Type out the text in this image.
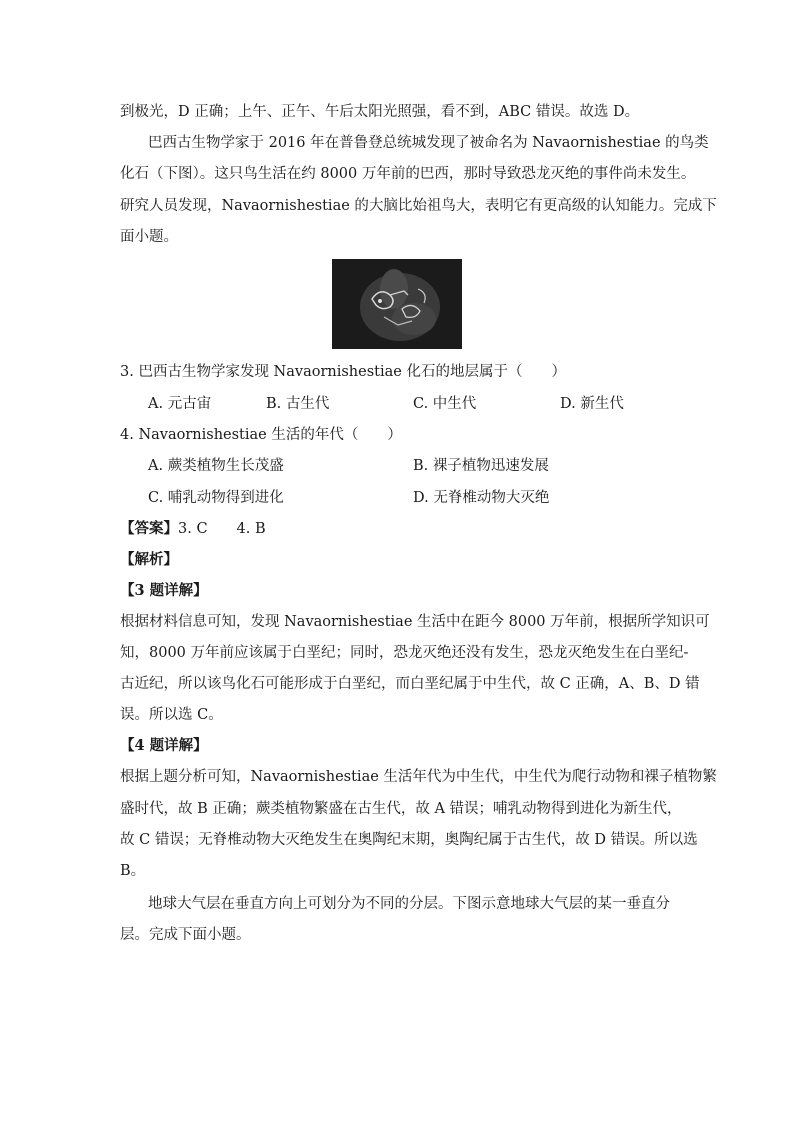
到极光，D 正确；上午、正午、午后太阳光照强，看不到，ABC 错误。故选 D。
巴西古生物学家于 2016 年在普鲁登总统城发现了被命名为 Navaornishestiae 的鸟类
化石（下图）。这只鸟生活在约 8000 万年前的巴西，那时导致恐龙灭绝的事件尚未发生。
研究人员发现，Navaornishestiae 的大脑比始祖鸟大，表明它有更高级的认知能力。完成下
面小题。
3. 巴西古生物学家发现 Navaornishestiae 化石的地层属于（　　）
A. 元古宙	B. 古生代	C. 中生代	D. 新生代
4. Navaornishestiae 生活的年代（　　）
A. 蕨类植物生长茂盛	B. 裸子植物迅速发展
C. 哺乳动物得到进化	D. 无脊椎动物大灭绝
【答案】3. C　　4. B
【解析】
【3 题详解】
根据材料信息可知，发现 Navaornishestiae 生活中在距今 8000 万年前，根据所学知识可
知，8000 万年前应该属于白垩纪；同时，恐龙灭绝还没有发生，恐龙灭绝发生在白垩纪-
古近纪，所以该鸟化石可能形成于白垩纪，而白垩纪属于中生代，故 C 正确，A、B、D 错
误。所以选 C。
【4 题详解】
根据上题分析可知，Navaornishestiae 生活年代为中生代，中生代为爬行动物和裸子植物繁
盛时代，故 B 正确；蕨类植物繁盛在古生代，故 A 错误；哺乳动物得到进化为新生代，
故 C 错误；无脊椎动物大灭绝发生在奥陶纪末期，奥陶纪属于古生代，故 D 错误。所以选
B。
地球大气层在垂直方向上可划分为不同的分层。下图示意地球大气层的某一垂直分
层。完成下面小题。
